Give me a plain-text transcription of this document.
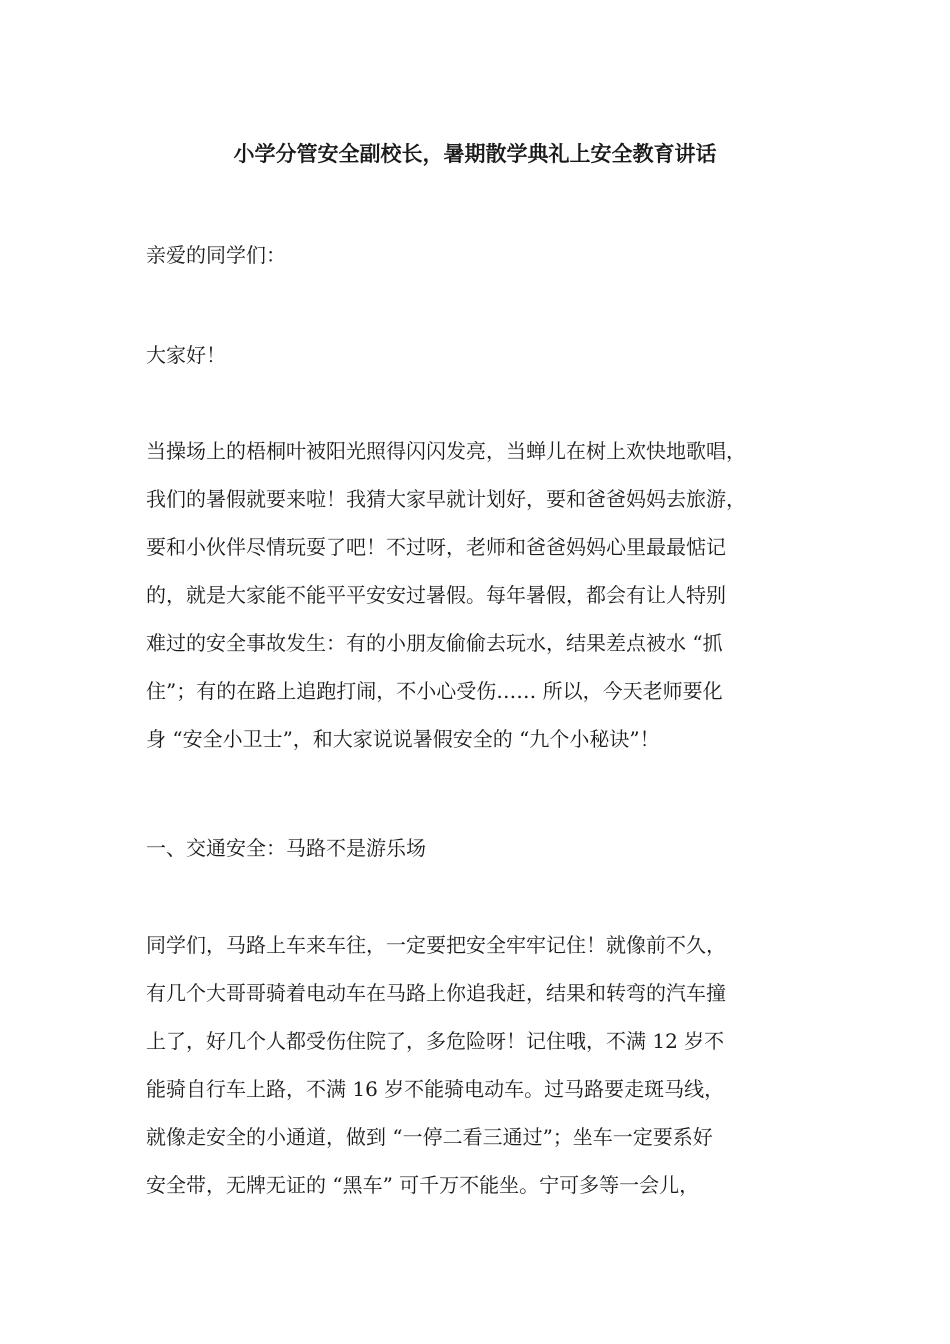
小学分管安全副校长，暑期散学典礼上安全教育讲话
亲爱的同学们：
大家好！
当操场上的梧桐叶被阳光照得闪闪发亮，当蝉儿在树上欢快地歌唱，
我们的暑假就要来啦！我猜大家早就计划好，要和爸爸妈妈去旅游，
要和小伙伴尽情玩耍了吧！不过呀，老师和爸爸妈妈心里最最惦记
的，就是大家能不能平平安安过暑假。每年暑假，都会有让人特别
难过的安全事故发生：有的小朋友偷偷去玩水，结果差点被水 “抓
住”；有的在路上追跑打闹，不小心受伤…… 所以，今天老师要化
身 “安全小卫士”，和大家说说暑假安全的 “九个小秘诀”！
一、交通安全：马路不是游乐场
同学们，马路上车来车往，一定要把安全牢牢记住！就像前不久，
有几个大哥哥骑着电动车在马路上你追我赶，结果和转弯的汽车撞
上了，好几个人都受伤住院了，多危险呀！记住哦，不满 12 岁不
能骑自行车上路，不满 16 岁不能骑电动车。过马路要走斑马线，
就像走安全的小通道，做到 “一停二看三通过”；坐车一定要系好
安全带，无牌无证的 “黑车” 可千万不能坐。宁可多等一会儿，
